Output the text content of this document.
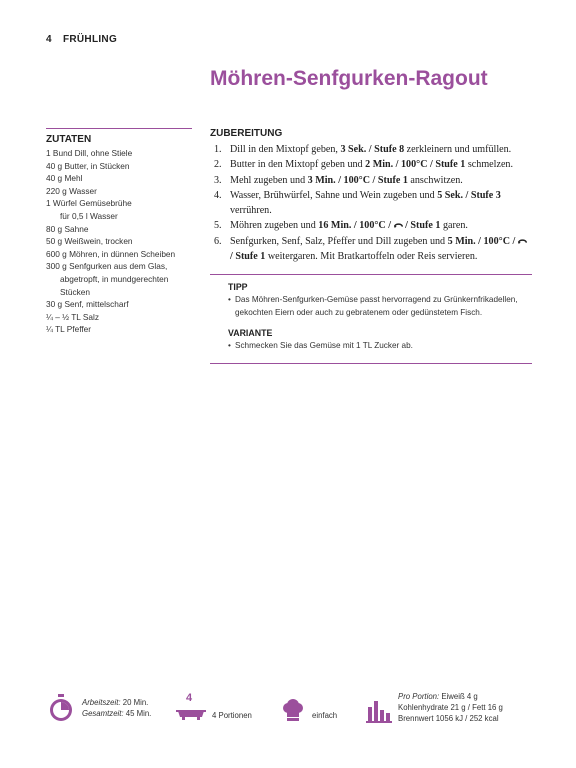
4 FRÜHLING
Möhren-Senfgurken-Ragout
ZUTATEN
1 Bund Dill, ohne Stiele
40 g Butter, in Stücken
40 g Mehl
220 g Wasser
1 Würfel Gemüsebrühe
für 0,5 l Wasser
80 g Sahne
50 g Weißwein, trocken
600 g Möhren, in dünnen Scheiben
300 g Senfgurken aus dem Glas,
abgetropft, in mundgerechten
Stücken
30 g Senf, mittelscharf
¼ – ½ TL Salz
¼ TL Pfeffer
ZUBEREITUNG
1. Dill in den Mixtopf geben, 3 Sek. / Stufe 8 zerkleinern und umfüllen.
2. Butter in den Mixtopf geben und 2 Min. / 100°C / Stufe 1 schmelzen.
3. Mehl zugeben und 3 Min. / 100°C / Stufe 1 anschwitzen.
4. Wasser, Brühwürfel, Sahne und Wein zugeben und 5 Sek. / Stufe 3 verrühren.
5. Möhren zugeben und 16 Min. / 100°C /  / Stufe 1 garen.
6. Senfgurken, Senf, Salz, Pfeffer und Dill zugeben und 5 Min. / 100°C /  / Stufe 1 weitergaren. Mit Bratkartoffeln oder Reis servieren.
TIPP
• Das Möhren-Senfgurken-Gemüse passt hervorragend zu Grünkernfrikadellen, gekochten Eiern oder auch zu gebratenem oder gedünstetem Fisch.
VARIANTE
• Schmecken Sie das Gemüse mit 1 TL Zucker ab.
Arbeitszeit: 20 Min.
Gesamtzeit: 45 Min.
4
4 Portionen	einfach
Pro Portion: Eiweiß 4 g
Kohlenhydrate 21 g / Fett 16 g
Brennwert 1056 kJ / 252 kcal
